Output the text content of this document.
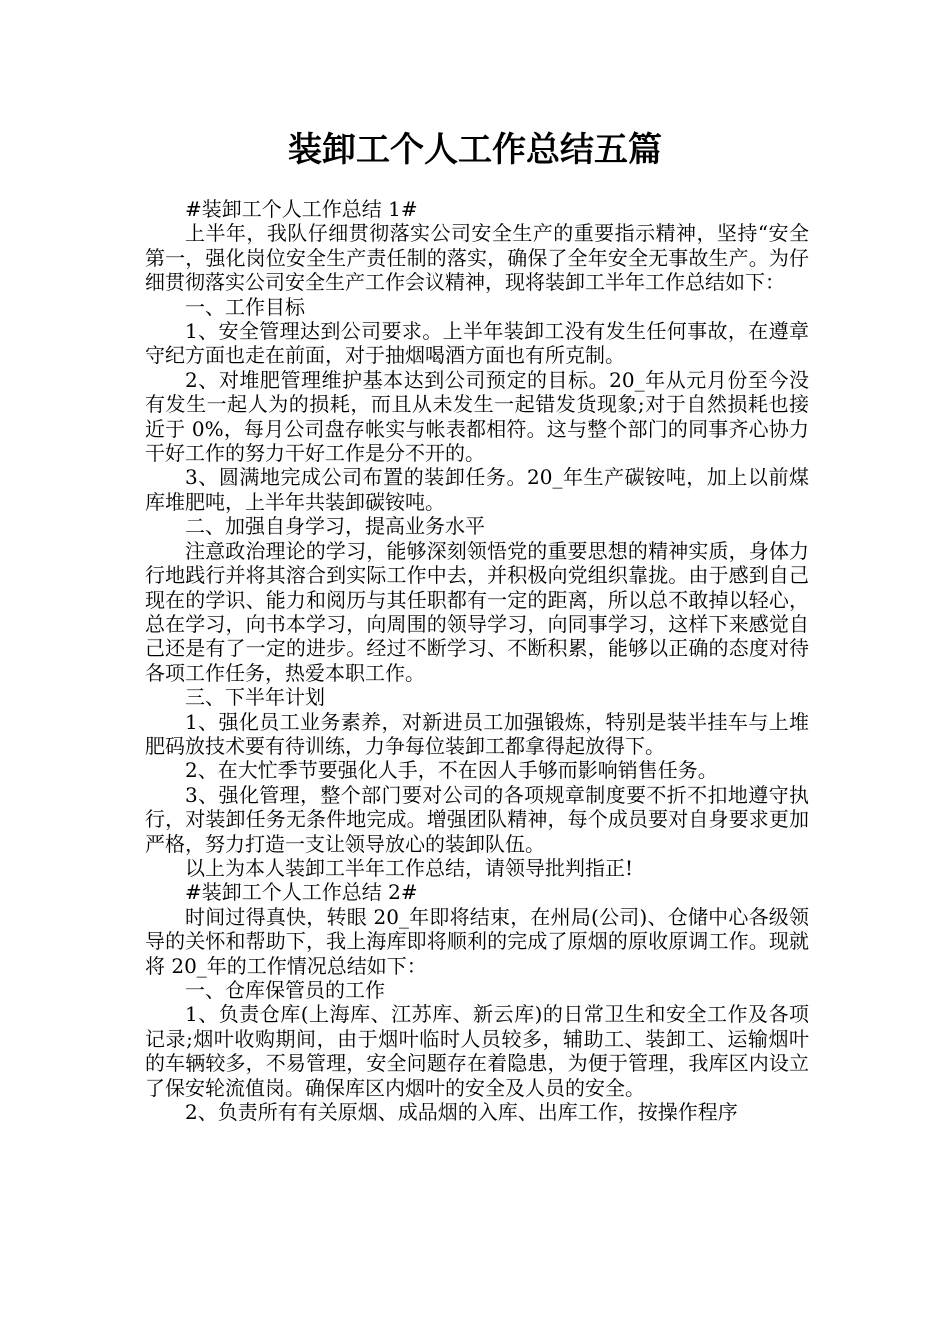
装卸工个人工作总结五篇

#装卸工个人工作总结 1#

上半年，我队仔细贯彻落实公司安全生产的重要指示精神，坚持“安全第一，强化岗位安全生产责任制的落实，确保了全年安全无事故生产。为仔细贯彻落实公司安全生产工作会议精神，现将装卸工半年工作总结如下：

一、工作目标

1、安全管理达到公司要求。上半年装卸工没有发生任何事故，在遵章守纪方面也走在前面，对于抽烟喝酒方面也有所克制。

2、对堆肥管理维护基本达到公司预定的目标。20_年从元月份至今没有发生一起人为的损耗，而且从未发生一起错发货现象;对于自然损耗也接近于 0%，每月公司盘存帐实与帐表都相符。这与整个部门的同事齐心协力干好工作的努力干好工作是分不开的。

3、圆满地完成公司布置的装卸任务。20_年生产碳铵吨，加上以前煤库堆肥吨，上半年共装卸碳铵吨。

二、加强自身学习，提高业务水平

注意政治理论的学习，能够深刻领悟党的重要思想的精神实质，身体力行地践行并将其溶合到实际工作中去，并积极向党组织靠拢。由于感到自己现在的学识、能力和阅历与其任职都有一定的距离，所以总不敢掉以轻心，总在学习，向书本学习，向周围的领导学习，向同事学习，这样下来感觉自己还是有了一定的进步。经过不断学习、不断积累，能够以正确的态度对待各项工作任务，热爱本职工作。

三、下半年计划

1、强化员工业务素养，对新进员工加强锻炼，特别是装半挂车与上堆肥码放技术要有待训练，力争每位装卸工都拿得起放得下。

2、在大忙季节要强化人手，不在因人手够而影响销售任务。

3、强化管理，整个部门要对公司的各项规章制度要不折不扣地遵守执行，对装卸任务无条件地完成。增强团队精神，每个成员要对自身要求更加严格，努力打造一支让领导放心的装卸队伍。

以上为本人装卸工半年工作总结，请领导批判指正!

#装卸工个人工作总结 2#

时间过得真快，转眼 20_年即将结束，在州局(公司)、仓储中心各级领导的关怀和帮助下，我上海库即将顺利的完成了原烟的原收原调工作。现就将 20_年的工作情况总结如下：

一、仓库保管员的工作

1、负责仓库(上海库、江苏库、新云库)的日常卫生和安全工作及各项记录;烟叶收购期间，由于烟叶临时人员较多，辅助工、装卸工、运输烟叶的车辆较多，不易管理，安全问题存在着隐患，为便于管理，我库区内设立了保安轮流值岗。确保库区内烟叶的安全及人员的安全。

2、负责所有有关原烟、成品烟的入库、出库工作，按操作程序
